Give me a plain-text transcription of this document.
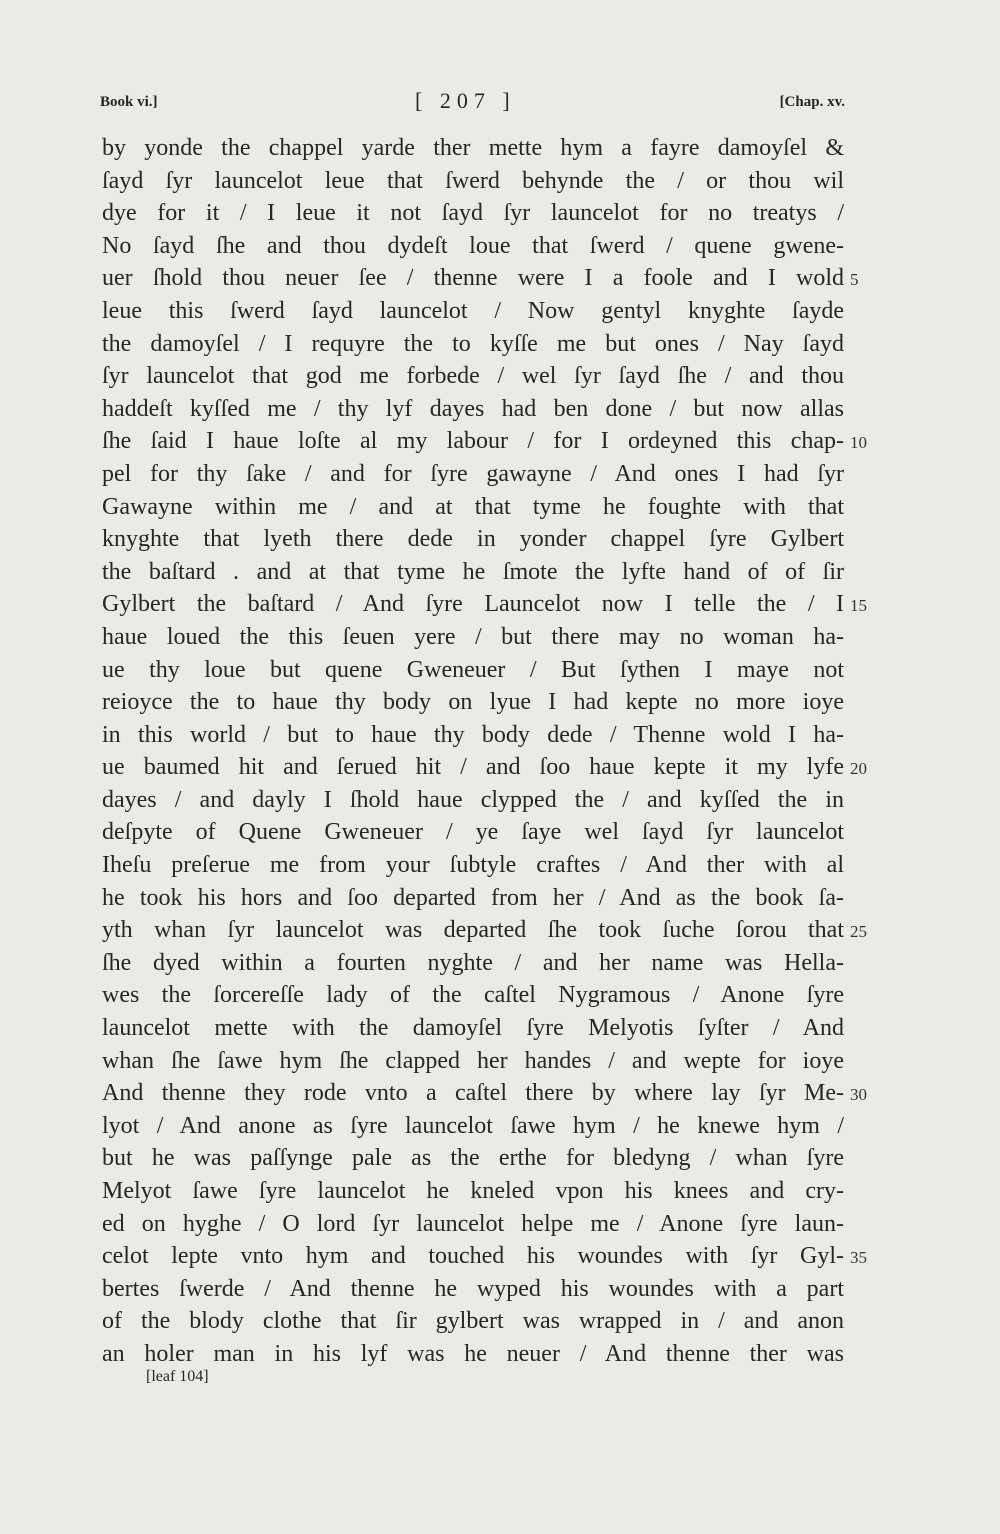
Book vi.]	[ 207 ]	[Chap. xv.
by yonde the chappel yarde ther mette hym a fayre damoyſel &
ſayd ſyr launcelot leue that ſwerd behynde the / or thou wil
dye for it / I leue it not ſayd ſyr launcelot for no treatys /
No ſayd ſhe and thou dydeſt loue that ſwerd / quene gwene-
uer ſhold thou neuer ſee / thenne were I a foole and I wold 5
leue this ſwerd ſayd launcelot / Now gentyl knyghte ſayde
the damoyſel / I requyre the to kyſſe me but ones / Nay ſayd
ſyr launcelot that god me forbede / wel ſyr ſayd ſhe / and thou
haddeſt kyſſed me / thy lyf dayes had ben done / but now allas
ſhe ſaid I haue loſte al my labour / for I ordeyned this chap- 10
pel for thy ſake / and for ſyre gawayne / And ones I had ſyr
Gawayne within me / and at that tyme he foughte with that
knyghte that lyeth there dede in yonder chappel ſyre Gylbert
the baſtard . and at that tyme he ſmote the lyfte hand of of ſir
Gylbert the baſtard / And ſyre Launcelot now I telle the / I 15
haue loued the this ſeuen yere / but there may no woman ha-
ue thy loue but quene Gweneuer / But ſythen I maye not
reioyce the to haue thy body on lyue I had kepte no more ioye
in this world / but to haue thy body dede / Thenne wold I ha-
ue baumed hit and ſerued hit / and ſoo haue kepte it my lyfe 20
dayes / and dayly I ſhold haue clypped the / and kyſſed the in
deſpyte of Quene Gweneuer / ye ſaye wel ſayd ſyr launcelot
Iheſu preſerue me from your ſubtyle craftes / And ther with al
he took his hors and ſoo departed from her / And as the book ſa-
yth whan ſyr launcelot was departed ſhe took ſuche ſorou that 25
ſhe dyed within a fourten nyghte / and her name was Hella-
wes the ſorcereſſe lady of the caſtel Nygramous / Anone ſyre
launcelot mette with the damoyſel ſyre Melyotis ſyſter / And
whan ſhe ſawe hym ſhe clapped her handes / and wepte for ioye
And thenne they rode vnto a caſtel there by where lay ſyr Me- 30
lyot / And anone as ſyre launcelot ſawe hym / he knewe hym /
but he was paſſynge pale as the erthe for bledyng / whan ſyre
Melyot ſawe ſyre launcelot he kneled vpon his knees and cry-
ed on hyghe / O lord ſyr launcelot helpe me / Anone ſyre laun-
celot lepte vnto hym and touched his woundes with ſyr Gyl- 35
bertes ſwerde / And thenne he wyped his woundes with a part
of the blody clothe that ſir gylbert was wrapped in / and anon
an holer man in his lyf was he neuer / And thenne ther was
[leaf 104]
